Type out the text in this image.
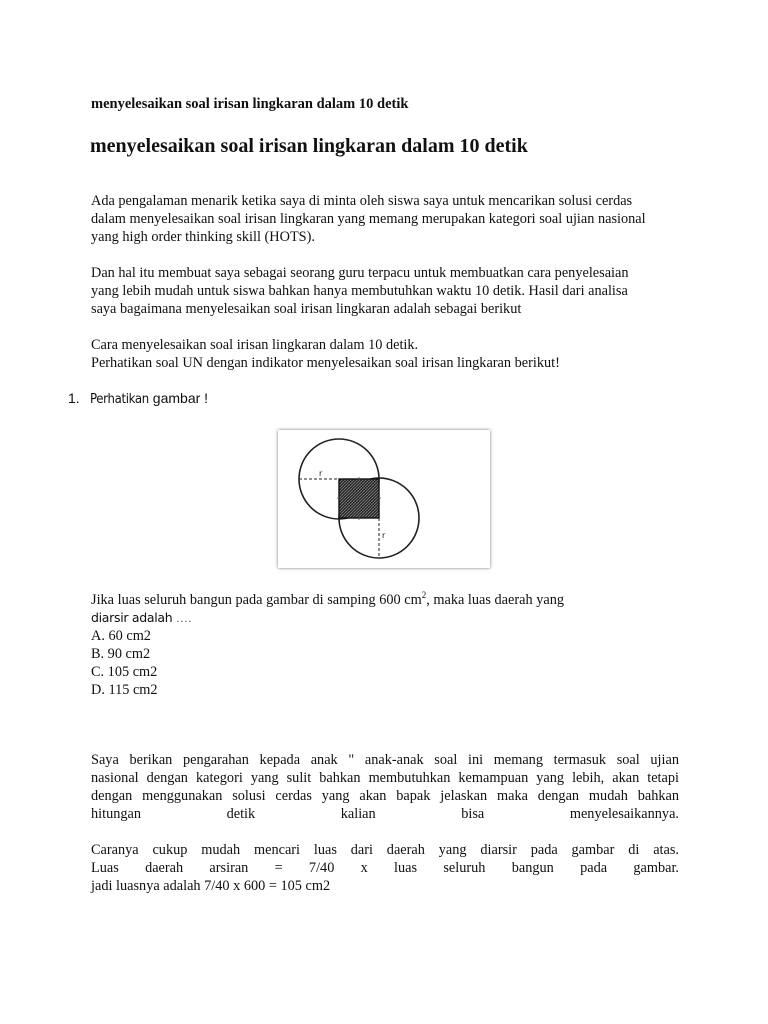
menyelesaikan soal irisan lingkaran dalam 10 detik
menyelesaikan soal irisan lingkaran dalam 10 detik
Ada pengalaman menarik ketika saya di minta oleh siswa saya untuk mencarikan solusi cerdas
dalam menyelesaikan soal irisan lingkaran yang memang merupakan kategori soal ujian nasional
yang high order thinking skill (HOTS).
Dan hal itu membuat saya sebagai seorang guru terpacu untuk membuatkan cara penyelesaian
yang lebih mudah untuk siswa bahkan hanya membutuhkan waktu 10 detik. Hasil dari analisa
saya bagaimana menyelesaikan soal irisan lingkaran adalah sebagai berikut
Cara menyelesaikan soal irisan lingkaran dalam 10 detik.
Perhatikan soal UN dengan indikator menyelesaikan soal irisan lingkaran berikut!
1. Perhatikan gambar !
r
r
Jika luas seluruh bangun pada gambar di samping 600 $cm^2$, maka luas daerah yang
diarsir adalah ....
A. 60 cm2
B. 90 cm2
C. 105 cm2
D. 115 cm2
Saya berikan pengarahan kepada anak " anak-anak soal ini memang termasuk soal ujian
nasional dengan kategori yang sulit bahkan membutuhkan kemampuan yang lebih, akan tetapi
dengan menggunakan solusi cerdas yang akan bapak jelaskan maka dengan mudah bahkan
hitungan detik kalian bisa menyelesaikannya.
Caranya cukup mudah mencari luas dari daerah yang diarsir pada gambar di atas.
Luas daerah arsiran = 7/40 x luas seluruh bangun pada gambar.
jadi luasnya adalah 7/40 x 600 = 105 cm2
